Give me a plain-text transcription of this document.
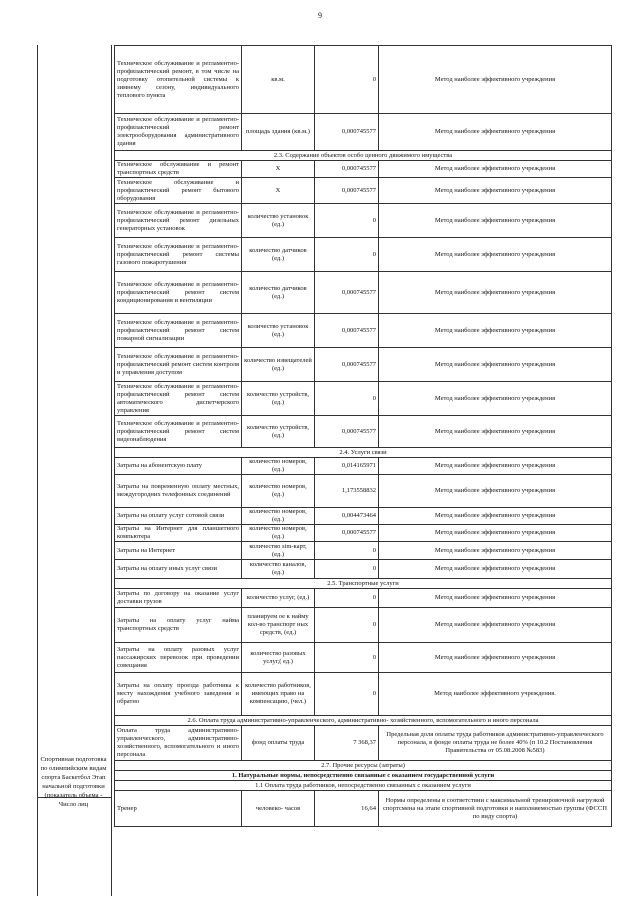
9
Спортивная подготовка по олимпийским видам спорта Баскетбол Этап начальной подготовки (показатель объема - Число лиц
Техническое обслуживание и регламентно- профилактический ремонт, в том числе на подготовку отопительной системы к зимнему сезону, индивидуального теплового пункта	кв.м.	0	Метод наиболее эффективного учреждения
Техническое обслуживание и регламентно-профилактический ремонт электрооборудования административного здания	площадь здания (кв.м.)	0,000745577	Метод наиболее эффективного учреждения
2.3. Содержание объектов особо ценного движимого имущества			
Техническое обслуживание и ремонт транспортных средств	X	0,000745577	Метод наиболее эффективного учреждения
Техническое обслуживание и профилактический ремонт бытового оборудования	X	0,000745577	Метод наиболее эффективного учреждения
Техническое обслуживание и регламентно-профилактический ремонт дизельных генераторных установок	количество установок (ед.)	0	Метод наиболее эффективного учреждения
Техническое обслуживание и регламентно-профилактический ремонт системы газового пожаротушения	количество датчиков (ед.)	0	Метод наиболее эффективного учреждения
Техническое обслуживание и регламентно-профилактический ремонт систем кондиционирования и вентиляции	количество датчиков (ед.)	0,000745577	Метод наиболее эффективного учреждения
Техническое обслуживание и регламентно-профилактический ремонт систем пожарной сигнализации	количество установок (ед.)	0,000745577	Метод наиболее эффективного учреждения
Техническое обслуживание и регламентно- профилактический ремонт систем контроля и управления доступом	количество извещателей (ед.)	0,000745577	Метод наиболее эффективного учреждения
Техническое обслуживание и регламентно- профилактический ремонт систем автоматического диспетчерского управления	количество устройств, (ед.)	0	Метод наиболее эффективного учреждения
Техническое обслуживание и регламентно- профилактический ремонт систем видеонаблюдения	количество устройств, (ед.)	0,000745577	Метод наиболее эффективного учреждения
2.4. Услуги связи			
Затраты на абонентскую плату	количество номеров, (ед.)	0,014165971	Метод наиболее эффективного учреждения
Затраты на повременную оплату местных, междугородних телефонных соединений	количество номеров, (ед.)	1,173558832	Метод наиболее эффективного учреждения
Затраты на оплату услуг сотовой связи	количество номеров, (ед.)	0,004473464	Метод наиболее эффективного учреждения
Затраты на Интернет для планшетного компьютера	количество номеров, (ед.)	0,000745577	Метод наиболее эффективного учреждения
Затраты на Интернет	количество sim-карт, (ед.)	0	Метод наиболее эффективного учреждения
Затраты на оплату иных услуг связи	количество каналов, (ед.)	0	Метод наиболее эффективного учреждения
2.5. Транспортные услуги			
Затраты по договору на оказание услуг доставки грузов	количество услуг, (ед.)	0	Метод наиболее эффективного учреждения
Затраты на оплату услуг найма транспортных средств	планируем ое к найму кол-во транспорт ных средств, (ед.)	0	Метод наиболее эффективного учреждения
Затраты на оплату разовых услуг пассажирских перевозок при проведении совещания	количество разовых услуг,( ед.)	0	Метод наиболее эффективного учреждения
Затраты на оплату проезда работника к месту нахождения учебного заведения и обратно	количество работников, имеющих право на компенсацию, (чел.)	0	Метод наиболее эффективного учреждения.
2.6. Оплата труда административно-управленческого, административно- хозяйственного, вспомогательного и иного персонала			
Оплата труда административно-управленческого, административно-хозяйственного, вспомогательного и иного персонала	фонд оплаты труда	7 368,37	Предельная доля оплаты труда работников административно-управленческого персонала, в фонде оплаты труда не более 40% (п 10.2 Постановления Правительства от 05.08.2008 №583)
2.7. Прочие ресурсы (затраты)			
1. Натуральные нормы, непосредственно связанные с оказанием государственной услуги			
1.1 Оплата труда работников, непосредственно связанных с оказанием услуги			
Тренер	человеко- часов	16,64	Нормы определены в соответствии с максимальной тренировочной нагрузкой спортсмена на этапе спортивной подготовки и наполняемостью группы (ФССП по виду спорта)
